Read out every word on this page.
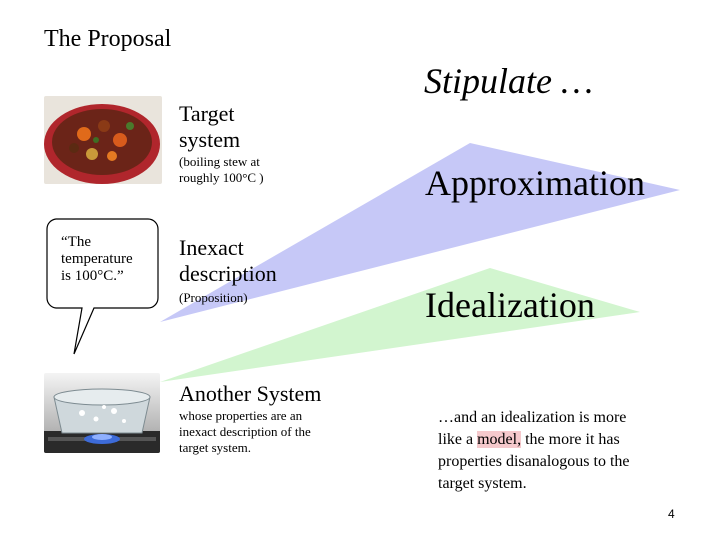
The Proposal
Stipulate …
Approximation
Idealization
Target
system
(boiling stew at
roughly 100°C )
“The
temperature
is 100°C.”
Inexact
description
(Proposition)
Another System
whose properties are an
inexact description of the
target system.
…and an idealization is more
like a model, the more it has
properties disanalogous to the
target system.
4
